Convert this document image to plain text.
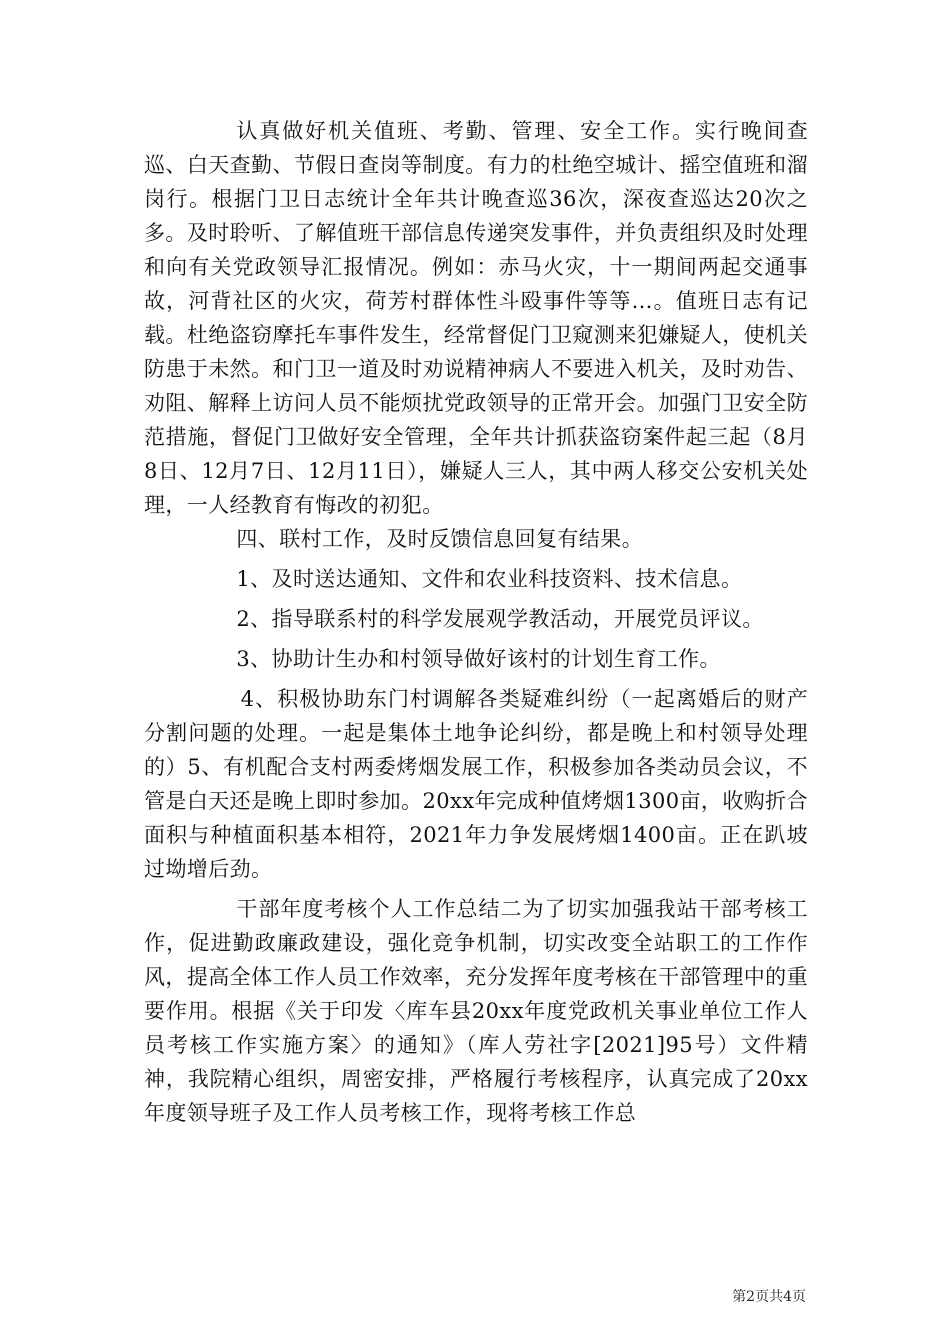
认真做好机关值班、考勤、管理、安全工作。实行晚间查巡、白天查勤、节假日查岗等制度。有力的杜绝空城计、摇空值班和溜岗行。根据门卫日志统计全年共计晚查巡36次，深夜查巡达20次之多。及时聆听、了解值班干部信息传递突发事件，并负责组织及时处理和向有关党政领导汇报情况。例如：赤马火灾，十一期间两起交通事故，河背社区的火灾，荷芳村群体性斗殴事件等等…。值班日志有记载。杜绝盗窃摩托车事件发生，经常督促门卫窥测来犯嫌疑人，使机关防患于未然。和门卫一道及时劝说精神病人不要进入机关，及时劝告、劝阻、解释上访问人员不能烦扰党政领导的正常开会。加强门卫安全防范措施，督促门卫做好安全管理，全年共计抓获盗窃案件起三起（8月8日、12月7日、12月11日），嫌疑人三人，其中两人移交公安机关处理，一人经教育有悔改的初犯。

四、联村工作，及时反馈信息回复有结果。

1、及时送达通知、文件和农业科技资料、技术信息。

2、指导联系村的科学发展观学教活动，开展党员评议。

3、协助计生办和村领导做好该村的计划生育工作。

4、积极协助东门村调解各类疑难纠纷（一起离婚后的财产分割问题的处理。一起是集体土地争论纠纷，都是晚上和村领导处理的）5、有机配合支村两委烤烟发展工作，积极参加各类动员会议，不管是白天还是晚上即时参加。20xx年完成种值烤烟1300亩，收购折合面积与种植面积基本相符，2021年力争发展烤烟1400亩。正在趴坡过坳增后劲。

干部年度考核个人工作总结二为了切实加强我站干部考核工作，促进勤政廉政建设，强化竞争机制，切实改变全站职工的工作作风，提高全体工作人员工作效率，充分发挥年度考核在干部管理中的重要作用。根据《关于印发〈库车县20xx年度党政机关事业单位工作人员考核工作实施方案〉的通知》（库人劳社字[2021]95号）文件精神，我院精心组织，周密安排，严格履行考核程序，认真完成了20xx年度领导班子及工作人员考核工作，现将考核工作总

第2页共4页
